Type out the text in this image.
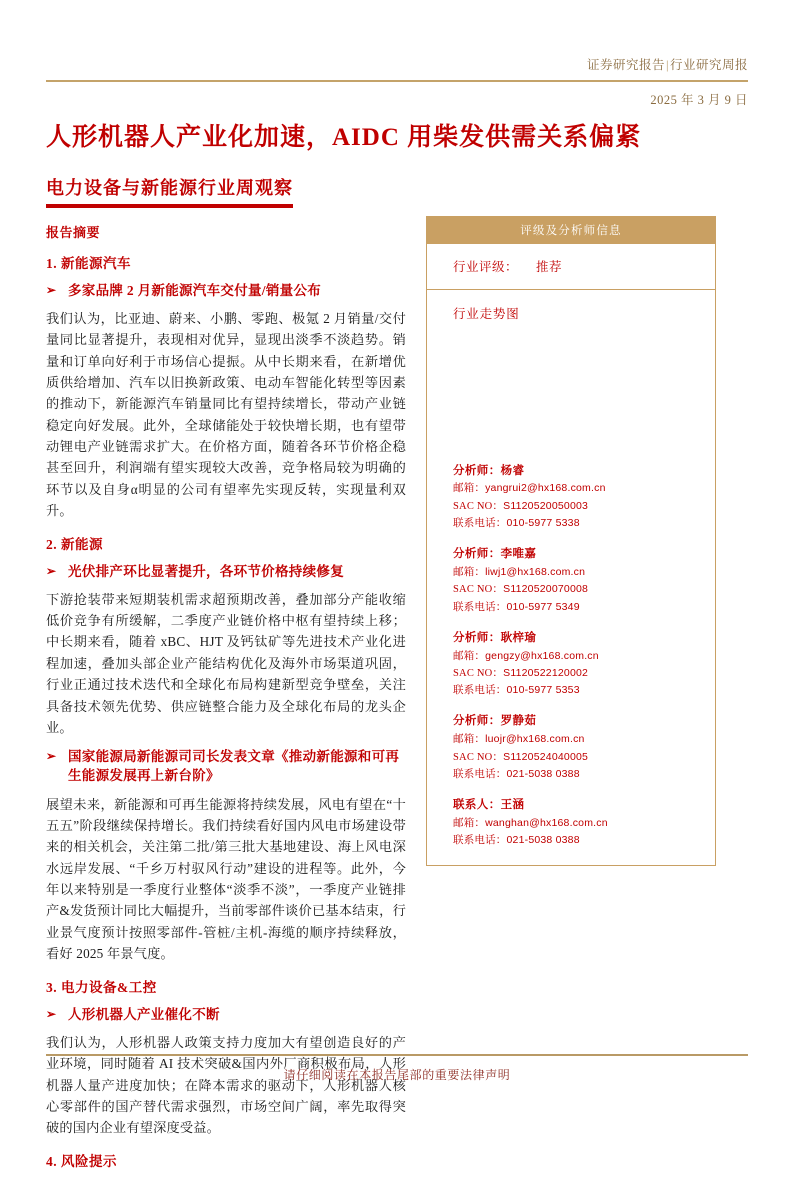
证券研究报告|行业研究周报
2025 年 3 月 9 日
人形机器人产业化加速，AIDC 用柴发供需关系偏紧
电力设备与新能源行业周观察
报告摘要
1. 新能源汽车
➢ 多家品牌 2 月新能源汽车交付量/销量公布

我们认为，比亚迪、蔚来、小鹏、零跑、极氪 2 月销量/交付量同比显著提升，表现相对优异，显现出淡季不淡趋势。销量和订单向好利于市场信心提振。从中长期来看，在新增优质供给增加、汽车以旧换新政策、电动车智能化转型等因素的推动下，新能源汽车销量同比有望持续增长，带动产业链稳定向好发展。此外，全球储能处于较快增长期，也有望带动锂电产业链需求扩大。在价格方面，随着各环节价格企稳甚至回升，利润端有望实现较大改善，竞争格局较为明确的环节以及自身α明显的公司有望率先实现反转，实现量利双升。

2. 新能源
➢ 光伏排产环比显著提升，各环节价格持续修复

下游抢装带来短期装机需求超预期改善，叠加部分产能收缩低价竞争有所缓解，二季度产业链价格中枢有望持续上移；中长期来看，随着 xBC、HJT 及钙钛矿等先进技术产业化进程加速，叠加头部企业产能结构优化及海外市场渠道巩固，行业正通过技术迭代和全球化布局构建新型竞争壁垒，关注具备技术领先优势、供应链整合能力及全球化布局的龙头企业。

➢ 国家能源局新能源司司长发表文章《推动新能源和可再生能源发展再上新台阶》

展望未来，新能源和可再生能源将持续发展，风电有望在“十五五”阶段继续保持增长。我们持续看好国内风电市场建设带来的相关机会，关注第二批/第三批大基地建设、海上风电深水远岸发展、“千乡万村驭风行动”建设的进程等。此外，今年以来特别是一季度行业整体“淡季不淡”，一季度产业链排产&发货预计同比大幅提升，当前零部件谈价已基本结束，行业景气度预计按照零部件-管桩/主机-海缆的顺序持续释放，看好 2025 年景气度。

3. 电力设备&工控
➢ 人形机器人产业催化不断

我们认为，人形机器人政策支持力度加大有望创造良好的产业环境，同时随着 AI 技术突破&国内外厂商积极布局，人形机器人量产进度加快；在降本需求的驱动下，人形机器人核心零部件的国产替代需求强烈，市场空间广阔，率先取得突破的国内企业有望深度受益。

4. 风险提示
评级及分析师信息
行业评级： 推荐
行业走势图
分析师：杨睿
邮箱：yangrui2@hx168.com.cn
SAC NO：S1120520050003
联系电话：010-5977 5338
分析师：李唯嘉
邮箱：liwj1@hx168.com.cn
SAC NO：S1120520070008
联系电话：010-5977 5349
分析师：耿梓瑜
邮箱：gengzy@hx168.com.cn
SAC NO：S1120522120002
联系电话：010-5977 5353
分析师：罗静茹
邮箱：luojr@hx168.com.cn
SAC NO：S1120524040005
联系电话：021-5038 0388
联系人：王涵
邮箱：wanghan@hx168.com.cn
联系电话：021-5038 0388
请仔细阅读在本报告尾部的重要法律声明
